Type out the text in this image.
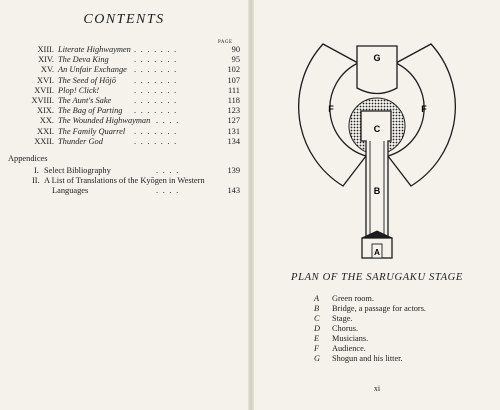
CONTENTS
PAGE
XIII. Literate Highwaymen .......	90
XIV. The Deva King	.......	95
XV. An Unfair Exchange .......	102
XVI. The Seed of Hōjō .......	107
XVII. Plop! Click!	.......	111
XVIII. The Aunt's Sake	.......	118
XIX. The Bag of Parting .......	123
XX. The Wounded Highwayman ....	127
XXI. The Family Quarrel .......	131
XXII. Thunder God	.......	134
Appendices
I. Select Bibliography	....	139
II. A List of Translations of the Kyōgen in Western
Languages	....	143
G
F	F
C
B
A
PLAN OF THE SARUGAKU STAGE
A	Green room.
B	Bridge, a passage for actors.
C	Stage.
D	Chorus.
E	Musicians.
F	Audience.
G	Shogun and his litter.
xi
